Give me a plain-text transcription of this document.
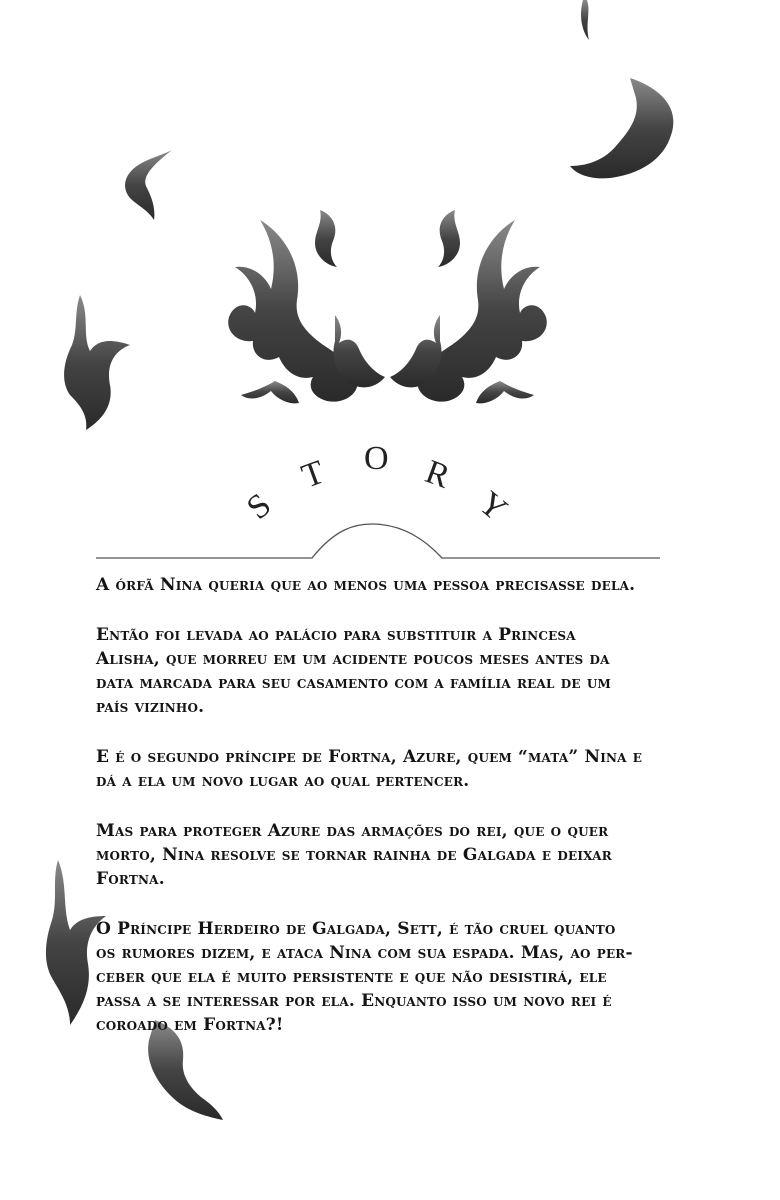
S
T O R
Y

A órfã Nina queria que ao menos uma pessoa precisasse dela.

Então foi levada ao palácio para substituir a Princesa
Alisha, que morreu em um acidente poucos meses antes da
data marcada para seu casamento com a família real de um
país vizinho.

E é o segundo príncipe de Fortna, Azure, quem “mata” Nina e
dá a ela um novo lugar ao qual pertencer.

Mas para proteger Azure das armações do rei, que o quer
morto, Nina resolve se tornar rainha de Galgada e deixar
Fortna.

O Príncipe Herdeiro de Galgada, Sett, é tão cruel quanto
os rumores dizem, e ataca Nina com sua espada. Mas, ao per-
ceber que ela é muito persistente e que não desistirá, ele
passa a se interessar por ela. Enquanto isso um novo rei é
coroado em Fortna?!
